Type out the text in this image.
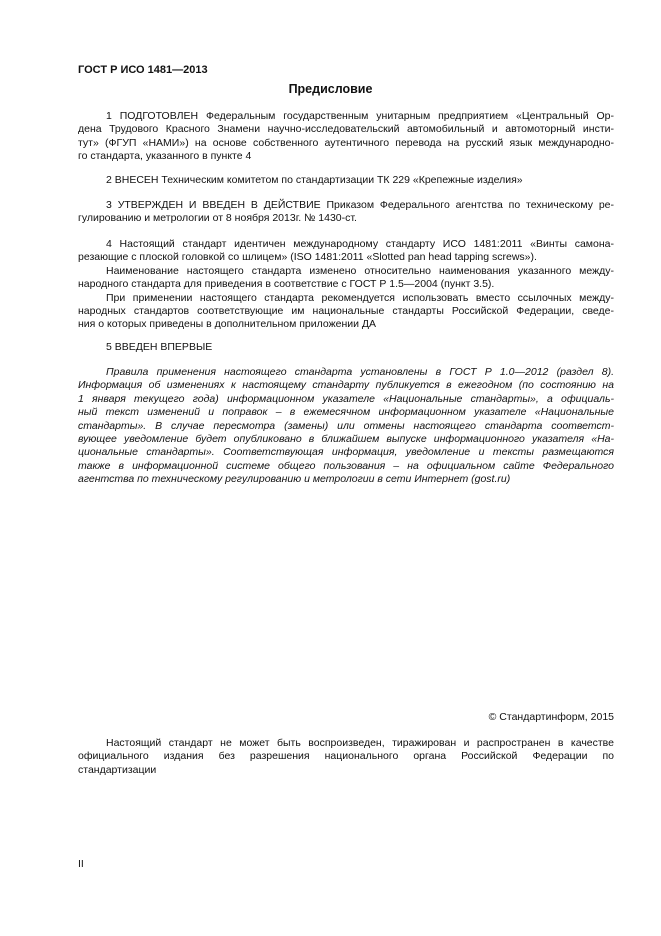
ГОСТ Р ИСО 1481—2013
Предисловие
1 ПОДГОТОВЛЕН Федеральным государственным унитарным предприятием «Центральный Ор-
дена Трудового Красного Знамени научно-исследовательский автомобильный и автомоторный инсти-
тут» (ФГУП «НАМИ») на основе собственного аутентичного перевода на русский язык международно-
го стандарта, указанного в пункте 4
2 ВНЕСЕН Техническим комитетом по стандартизации ТК 229 «Крепежные изделия»
3 УТВЕРЖДЕН И ВВЕДЕН В ДЕЙСТВИЕ Приказом Федерального агентства по техническому ре-
гулированию и метрологии от 8 ноября 2013г. № 1430-ст.
4 Настоящий стандарт идентичен международному стандарту ИСО 1481:2011 «Винты самона-
резающие с плоской головкой со шлицем» (ISO 1481:2011 «Slotted pan head tapping screws»).
Наименование настоящего стандарта изменено относительно наименования указанного между-
народного стандарта для приведения в соответствие с ГОСТ Р 1.5—2004 (пункт 3.5).
При применении настоящего стандарта рекомендуется использовать вместо ссылочных между-
народных стандартов соответствующие им национальные стандарты Российской Федерации, сведе-
ния о которых приведены в дополнительном приложении ДА
5 ВВЕДЕН ВПЕРВЫЕ
Правила применения настоящего стандарта установлены в ГОСТ Р 1.0—2012 (раздел 8).
Информация об изменениях к настоящему стандарту публикуется в ежегодном (по состоянию на
1 января текущего года) информационном указателе «Национальные стандарты», а официаль-
ный текст изменений и поправок – в ежемесячном информационном указателе «Национальные
стандарты». В случае пересмотра (замены) или отмены настоящего стандарта соответст-
вующее уведомление будет опубликовано в ближайшем выпуске информационного указателя «На-
циональные стандарты». Соответствующая информация, уведомление и тексты размещаются
также в информационной системе общего пользования – на официальном сайте Федерального
агентства по техническому регулированию и метрологии в сети Интернет (gost.ru)
© Стандартинформ, 2015
Настоящий стандарт не может быть воспроизведен, тиражирован и распространен в качестве
официального издания без разрешения национального органа Российской Федерации по
стандартизации
II
